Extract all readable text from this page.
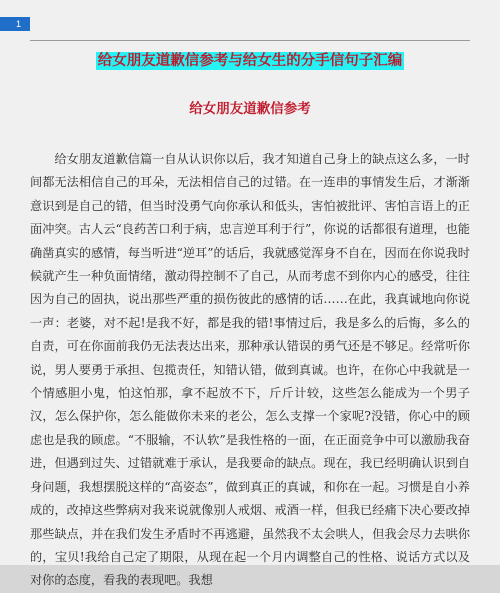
1
给女朋友道歉信参考与给女生的分手信句子汇编
给女朋友道歉信参考

给女朋友道歉信篇一自从认识你以后，我才知道自己身上的缺点这么多，一时间都无法相信自己的耳朵，无法相信自己的过错。在一连串的事情发生后，才渐渐意识到是自己的错，但当时没勇气向你承认和低头，害怕被批评、害怕言语上的正面冲突。古人云“良药苦口利于病，忠言逆耳利于行”，你说的话都很有道理，也能确凿真实的感情，每当听进“逆耳”的话后，我就感觉浑身不自在，因而在你说我时候就产生一种负面情绪，激动得控制不了自己，从而考虑不到你内心的感受，往往因为自己的固执，说出那些严重的损伤彼此的感情的话……在此，我真诚地向你说一声：老婆，对不起!是我不好，都是我的错!事情过后，我是多么的后悔，多么的自责，可在你面前我仍无法表达出来，那种承认错误的勇气还是不够足。经常听你说，男人要勇于承担、包揽责任，知错认错，做到真诚。也许，在你心中我就是一个情感胆小鬼，怕这怕那，拿不起放不下，斤斤计较，这些怎么能成为一个男子汉，怎么保护你，怎么能做你未来的老公，怎么支撑一个家呢?没错，你心中的顾虑也是我的顾虑。“不服输，不认软”是我性格的一面，在正面竞争中可以激励我奋进，但遇到过失、过错就难于承认，是我要命的缺点。现在，我已经明确认识到自身问题，我想摆脱这样的“高姿态”，做到真正的真诚，和你在一起。习惯是自小养成的，改掉这些弊病对我来说就像别人戒烟、戒酒一样，但我已经痛下决心要改掉那些缺点，并在我们发生矛盾时不再逃避，虽然我不太会哄人，但我会尽力去哄你的，宝贝!我给自己定了期限，从现在起一个月内调整自己的性格、说话方式以及对你的态度，看我的表现吧。我想
